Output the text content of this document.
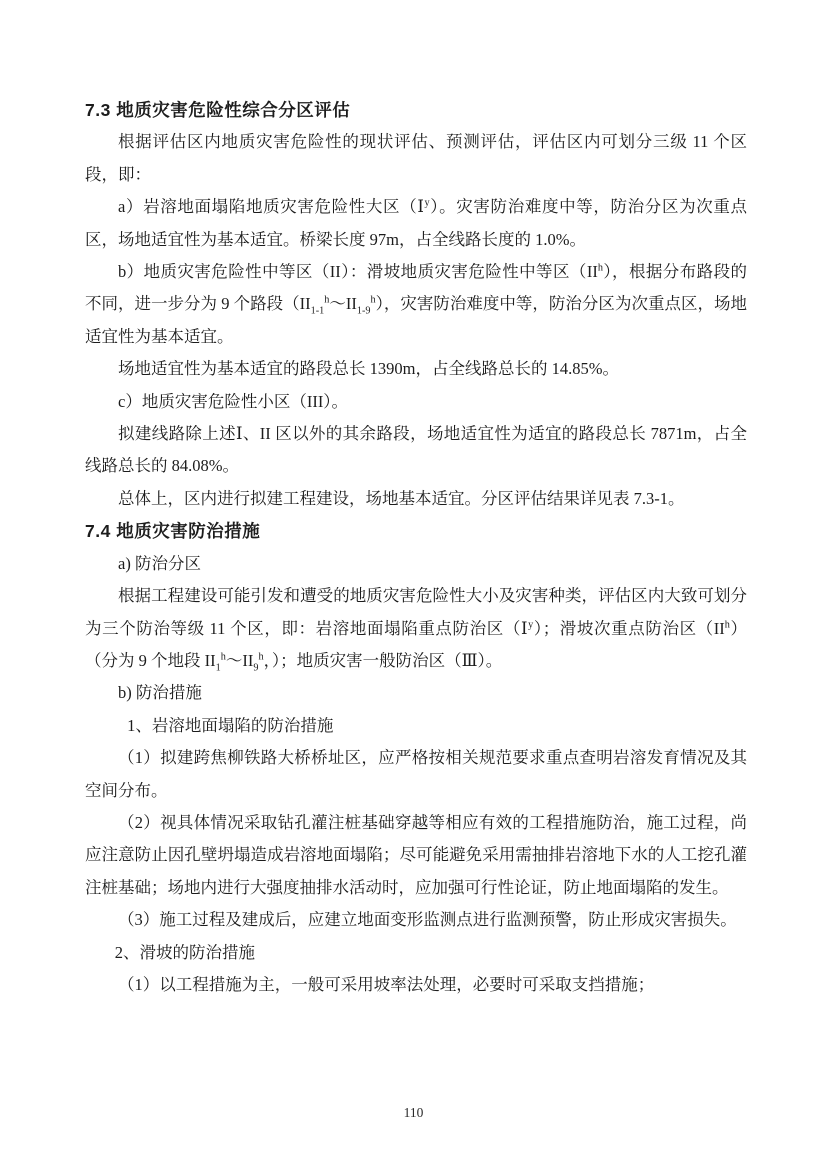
7.3 地质灾害危险性综合分区评估

根据评估区内地质灾害危险性的现状评估、预测评估，评估区内可划分三级 11 个区段，即：

a）岩溶地面塌陷地质灾害危险性大区（Ⅰ$^y$）。灾害防治难度中等，防治分区为次重点区，场地适宜性为基本适宜。桥梁长度 97m，占全线路长度的 1.0%。

b）地质灾害危险性中等区（II）：滑坡地质灾害危险性中等区$(II^h)$，根据分布路段的不同，进一步分为 9 个路段$(II_{1-1}^h\sim II_{1-9}^h)$，灾害防治难度中等，防治分区为次重点区，场地适宜性为基本适宜。

场地适宜性为基本适宜的路段总长 1390m，占全线路总长的 14.85%。

c）地质灾害危险性小区（III）。

拟建线路除上述Ⅰ、II 区以外的其余路段，场地适宜性为适宜的路段总长 7871m，占全线路总长的 84.08%。

总体上，区内进行拟建工程建设，场地基本适宜。分区评估结果详见表 7.3-1。

7.4 地质灾害防治措施

a) 防治分区

根据工程建设可能引发和遭受的地质灾害危险性大小及灾害种类，评估区内大致可划分为三个防治等级 11 个区，即：岩溶地面塌陷重点防治区（Ⅰ$^y$）；滑坡次重点防治区$(II^h)$（分为 9 个地段 $II_1^h\sim II_9^h$，）；地质灾害一般防治区（Ⅲ）。

b) 防治措施

1、岩溶地面塌陷的防治措施

（1）拟建跨焦柳铁路大桥桥址区，应严格按相关规范要求重点查明岩溶发育情况及其空间分布。

（2）视具体情况采取钻孔灌注桩基础穿越等相应有效的工程措施防治，施工过程，尚应注意防止因孔壁坍塌造成岩溶地面塌陷；尽可能避免采用需抽排岩溶地下水的人工挖孔灌注桩基础；场地内进行大强度抽排水活动时，应加强可行性论证，防止地面塌陷的发生。

（3）施工过程及建成后，应建立地面变形监测点进行监测预警，防止形成灾害损失。

2、滑坡的防治措施

（1）以工程措施为主，一般可采用坡率法处理，必要时可采取支挡措施；

110
